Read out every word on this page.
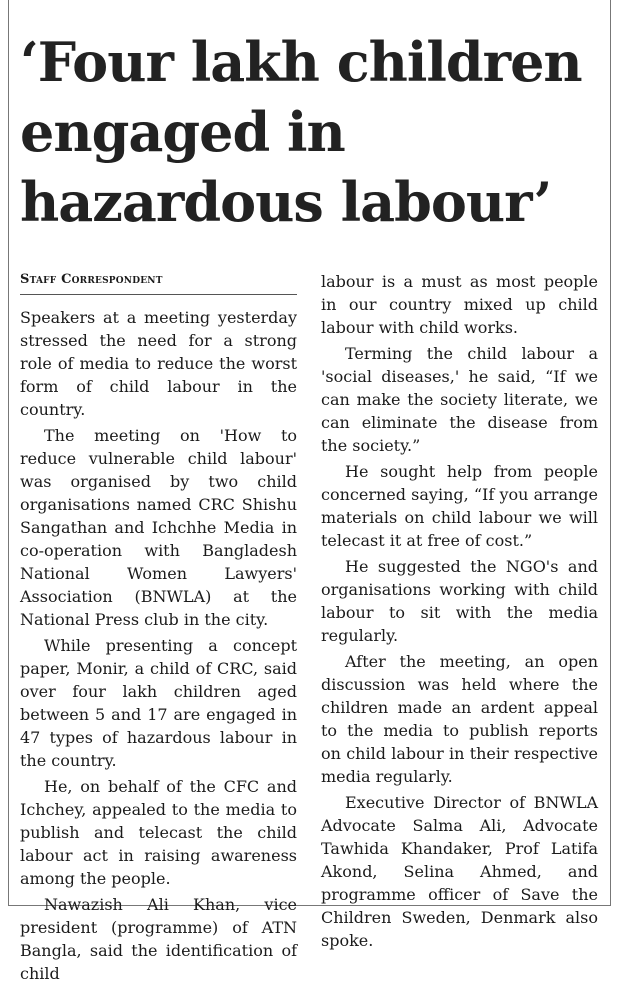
‘Four lakh children engaged in hazardous labour’
Staff Correspondent

Speakers at a meeting yesterday stressed the need for a strong role of media to reduce the worst form of child labour in the country.

The meeting on 'How to reduce vulnerable child labour' was organised by two child organisations named CRC Shishu Sangathan and Ichchhe Media in co-operation with Bangladesh National Women Lawyers' Association (BNWLA) at the National Press club in the city.

While presenting a concept paper, Monir, a child of CRC, said over four lakh children aged between 5 and 17 are engaged in 47 types of hazardous labour in the country.

He, on behalf of the CFC and Ichchey, appealed to the media to publish and telecast the child labour act in raising awareness among the people.

Nawazish Ali Khan, vice president (programme) of ATN Bangla, said the identification of child

labour is a must as most people in our country mixed up child labour with child works.

Terming the child labour a 'social diseases,' he said, “If we can make the society literate, we can eliminate the disease from the society.”

He sought help from people concerned saying, “If you arrange materials on child labour we will telecast it at free of cost.”

He suggested the NGO's and organisations working with child labour to sit with the media regularly.

After the meeting, an open discussion was held where the children made an ardent appeal to the media to publish reports on child labour in their respective media regularly.

Executive Director of BNWLA Advocate Salma Ali, Advocate Tawhida Khandaker, Prof Latifa Akond, Selina Ahmed, and programme officer of Save the Children Sweden, Denmark also spoke.
